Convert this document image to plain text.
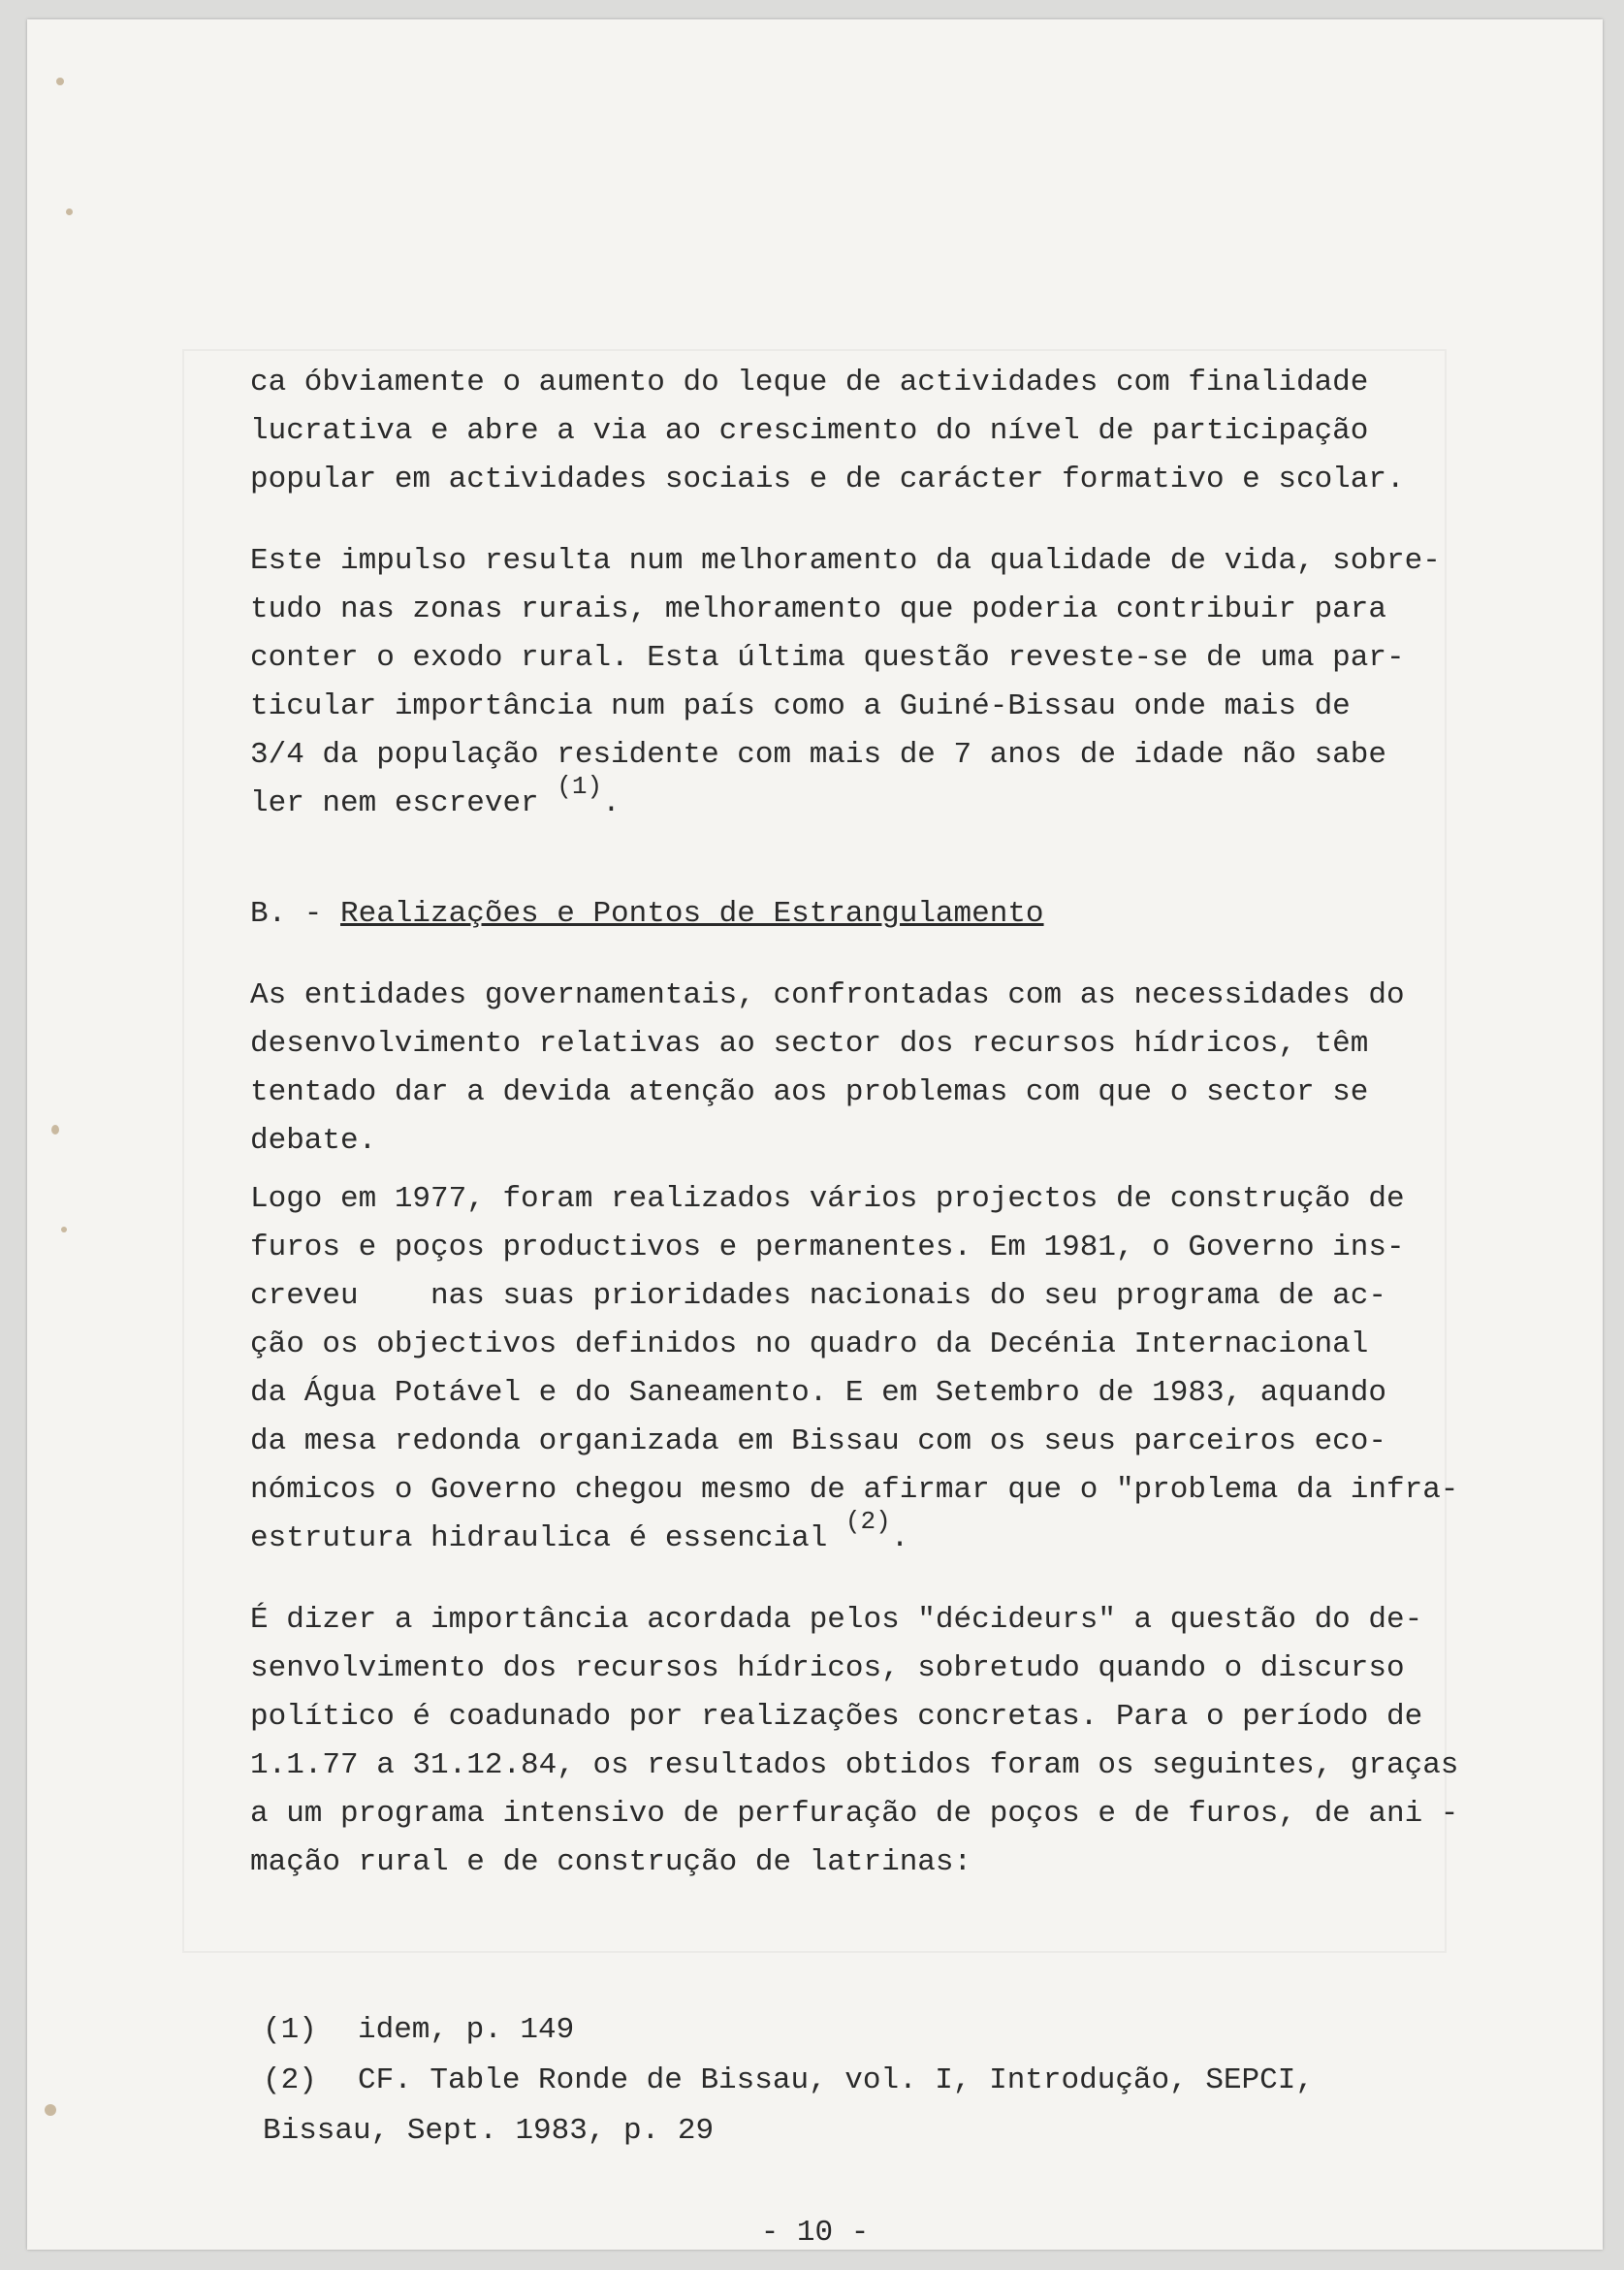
ca óbviamente o aumento do leque de actividades com finalidade
lucrativa e abre a via ao crescimento do nível de participação
popular em actividades sociais e de carácter formativo e scolar.
Este impulso resulta num melhoramento da qualidade de vida, sobre-
tudo nas zonas rurais, melhoramento que poderia contribuir para
conter o exodo rural. Esta última questão reveste-se de uma par-
ticular importância num país como a Guiné-Bissau onde mais de
3/4 da população residente com mais de 7 anos de idade não sabe
ler nem escrever $^{(1)}$.
B. - Realizações e Pontos de Estrangulamento
As entidades governamentais, confrontadas com as necessidades do
desenvolvimento relativas ao sector dos recursos hídricos, têm
tentado dar a devida atenção aos problemas com que o sector se
debate.
Logo em 1977, foram realizados vários projectos de construção de
furos e poços productivos e permanentes. Em 1981, o Governo ins-
creveu    nas suas prioridades nacionais do seu programa de ac-
ção os objectivos definidos no quadro da Decénia Internacional
da Água Potável e do Saneamento. E em Setembro de 1983, aquando
da mesa redonda organizada em Bissau com os seus parceiros eco-
nómicos o Governo chegou mesmo de afirmar que o "problema da infra-
estrutura hidraulica é essencial $^{(2)}$.
É dizer a importância acordada pelos "décideurs" a questão do de-
senvolvimento dos recursos hídricos, sobretudo quando o discurso
político é coadunado por realizações concretas. Para o período de
1.1.77 a 31.12.84, os resultados obtidos foram os seguintes, graças
a um programa intensivo de perfuração de poços e de furos, de ani -
mação rural e de construção de latrinas:
(1)	idem, p. 149
(2)	CF. Table Ronde de Bissau, vol. I, Introdução, SEPCI,
Bissau, Sept. 1983, p. 29
- 10 -
